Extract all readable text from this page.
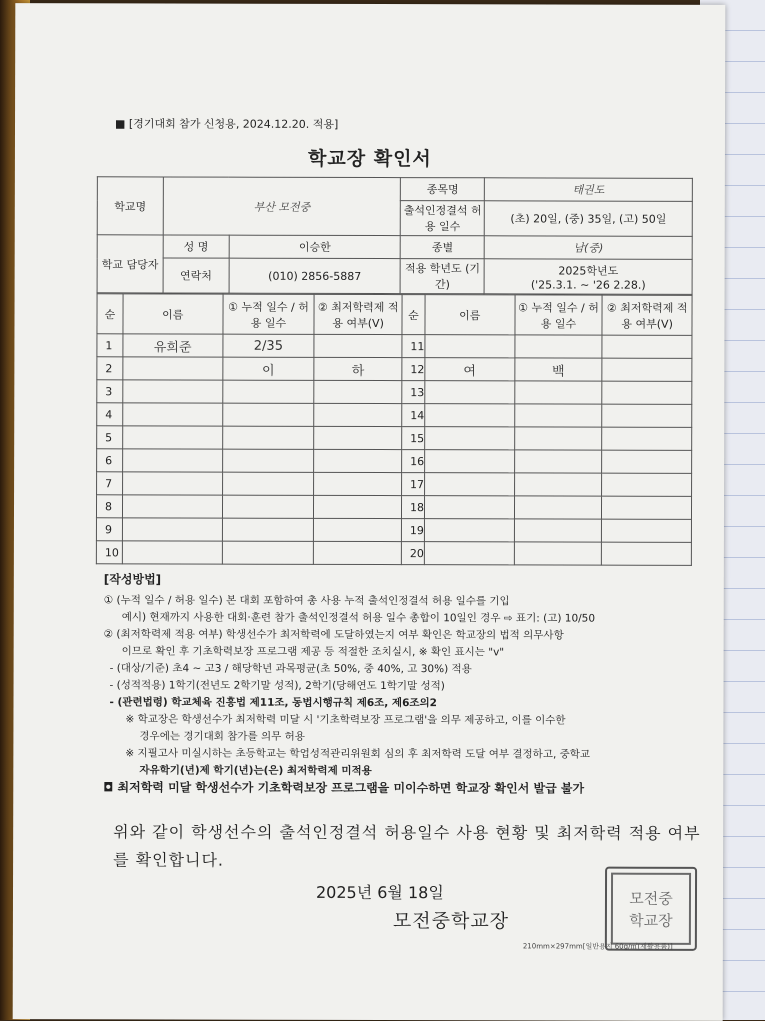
■ [경기대회 참가 신청용, 2024.12.20. 적용]
학교장 확인서
학교명	부산 모전중		종목명	태권도
			출석인정결석 허용 일수	(초) 20일, (중) 35일, (고) 50일
학교 담당자	성 명	이승한	종별	남(중)
	연락처	(010) 2856-5887	적용 학년도 (기간)	2025학년도
('25.3.1. ~ '26 2.28.)
순	이름	① 누적 일수 / 허용 일수	② 최저학력제 적용 여부(V)	순	이름	① 누적 일수 / 허용 일수	② 최저학력제 적용 여부(V)
1	유희준	2/35		11			
2		이	하	12	여	백	
3				13			
4				14			
5				15			
6				16			
7				17			
8				18			
9				19			
10				20			

[작성방법]

① (누적 일수 / 허용 일수) 본 대회 포함하여 총 사용 누적 출석인정결석 허용 일수를 기입

예시) 현재까지 사용한 대회·훈련 참가 출석인정결석 허용 일수 총합이 10일인 경우 ⇨ 표기: (고) 10/50

② (최저학력제 적용 여부) 학생선수가 최저학력에 도달하였는지 여부 확인은 학교장의 법적 의무사항

이므로 확인 후 기초학력보장 프로그램 제공 등 적절한 조치실시, ※ 확인 표시는 "v"

- (대상/기준) 초4 ~ 고3 / 해당학년 과목평균(초 50%, 중 40%, 고 30%) 적용

- (성적적용) 1학기(전년도 2학기말 성적), 2학기(당해연도 1학기말 성적)

- (관련법령) 학교체육 진흥법 제11조, 동법시행규칙 제6조, 제6조의2

※ 학교장은 학생선수가 최저학력 미달 시 '기초학력보장 프로그램'을 의무 제공하고, 이를 이수한

경우에는 경기대회 참가를 의무 허용

※ 지필고사 미실시하는 초등학교는 학업성적관리위원회 심의 후 최저학력 도달 여부 결정하고, 중학교

자유학기(년)제 학기(년)는(은) 최저학력제 미적용

◘ 최저학력 미달 학생선수가 기초학력보장 프로그램을 미이수하면 학교장 확인서 발급 불가

위와 같이 학생선수의 출석인정결석 허용일수 사용 현황 및 최저학력 적용 여부를 확인합니다.
2025년 6월 18일
모전중학교장
모전중
학교장
210mm×297mm[일반용지 60g/㎡(재활용품)]
